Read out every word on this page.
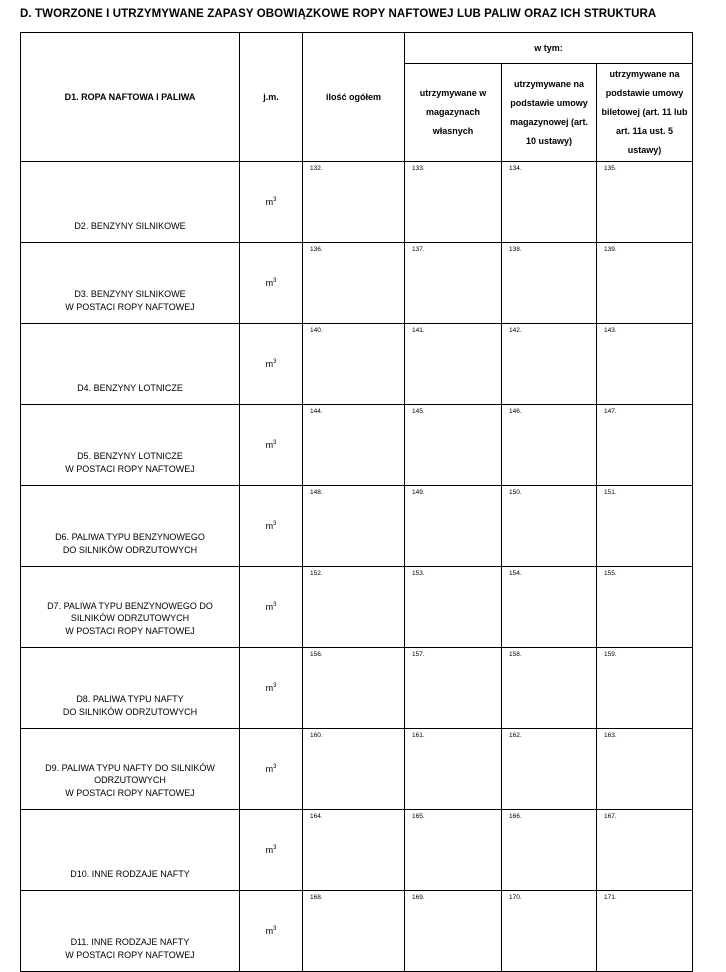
D. TWORZONE I UTRZYMYWANE ZAPASY OBOWIĄZKOWE ROPY NAFTOWEJ LUB PALIW ORAZ ICH STRUKTURA
D1. ROPA NAFTOWA I PALIWA	j.m.	ilość ogółem	w tym:		
			utrzymywane w magazynach własnych	utrzymywane na podstawie umowy magazynowej (art. 10 ustawy)	utrzymywane na podstawie umowy biletowej (art. 11 lub art. 11a ust. 5 ustawy)

D2. BENZYNY SILNIKOWE	$m^3$	132.	133.	134.	135.

D3. BENZYNY SILNIKOWE
W POSTACI ROPY NAFTOWEJ	$m^3$	136.	137.	138.	139.

D4. BENZYNY LOTNICZE	$m^3$	140.	141.	142.	143.

D5. BENZYNY LOTNICZE
W POSTACI ROPY NAFTOWEJ	$m^3$	144.	145.	146.	147.

D6. PALIWA TYPU BENZYNOWEGO
DO SILNIKÓW ODRZUTOWYCH	$m^3$	148.	149.	150.	151.

D7. PALIWA TYPU BENZYNOWEGO DO
SILNIKÓW ODRZUTOWYCH
W POSTACI ROPY NAFTOWEJ	$m^3$	152.	153.	154.	155.

D8. PALIWA TYPU NAFTY
DO SILNIKÓW ODRZUTOWYCH	$m^3$	156.	157.	158.	159.

D9. PALIWA TYPU NAFTY DO SILNIKÓW
ODRZUTOWYCH
W POSTACI ROPY NAFTOWEJ	$m^3$	160.	161.	162.	163.

D10. INNE RODZAJE NAFTY	$m^3$	164.	165.	166.	167.

D11. INNE RODZAJE NAFTY
W POSTACI ROPY NAFTOWEJ	$m^3$	168.	169.	170.	171.
